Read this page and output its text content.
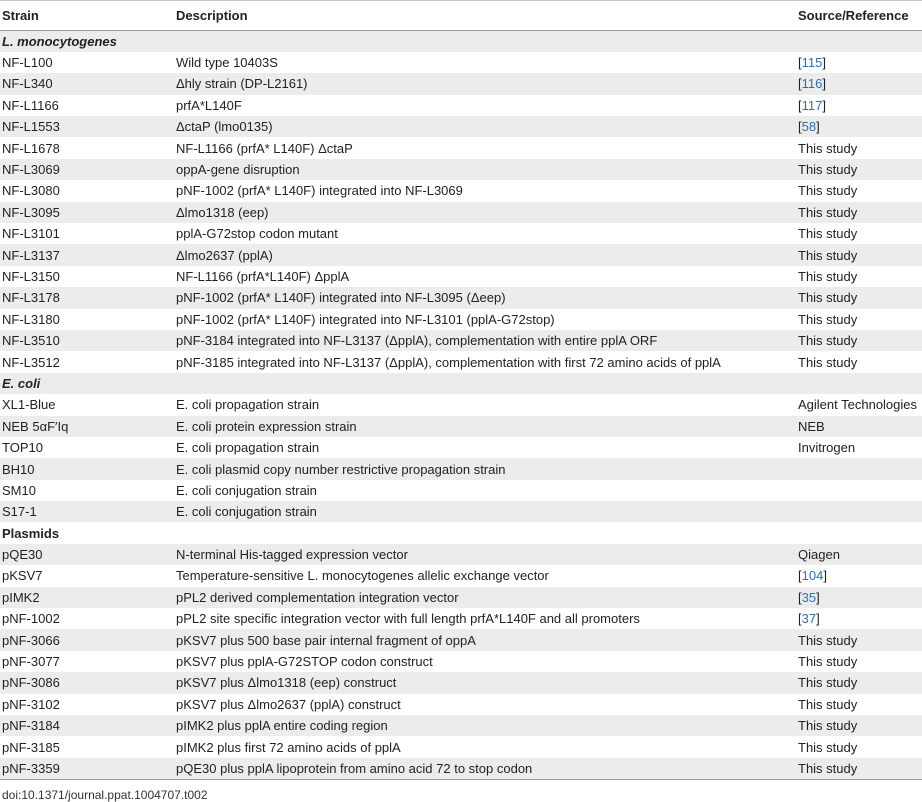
Strain	Description	Source/Reference
L. monocytogenes		
NF-L100	Wild type 10403S	[115]
NF-L340	Δhly strain (DP-L2161)	[116]
NF-L1166	prfA*L140F	[117]
NF-L1553	ΔctaP (lmo0135)	[58]
NF-L1678	NF-L1166 (prfA* L140F) ΔctaP	This study
NF-L3069	oppA-gene disruption	This study
NF-L3080	pNF-1002 (prfA* L140F) integrated into NF-L3069	This study
NF-L3095	Δlmo1318 (eep)	This study
NF-L3101	pplA-G72stop codon mutant	This study
NF-L3137	Δlmo2637 (pplA)	This study
NF-L3150	NF-L1166 (prfA*L140F) ΔpplA	This study
NF-L3178	pNF-1002 (prfA* L140F) integrated into NF-L3095 (Δeep)	This study
NF-L3180	pNF-1002 (prfA* L140F) integrated into NF-L3101 (pplA-G72stop)	This study
NF-L3510	pNF-3184 integrated into NF-L3137 (ΔpplA), complementation with entire pplA ORF	This study
NF-L3512	pNF-3185 integrated into NF-L3137 (ΔpplA), complementation with first 72 amino acids of pplA	This study
E. coli		
XL1-Blue	E. coli propagation strain	Agilent Technologies
NEB 5αF′Iq	E. coli protein expression strain	NEB
TOP10	E. coli propagation strain	Invitrogen
BH10	E. coli plasmid copy number restrictive propagation strain	
SM10	E. coli conjugation strain	
S17-1	E. coli conjugation strain	
Plasmids		
pQE30	N-terminal His-tagged expression vector	Qiagen
pKSV7	Temperature-sensitive L. monocytogenes allelic exchange vector	[104]
pIMK2	pPL2 derived complementation integration vector	[35]
pNF-1002	pPL2 site specific integration vector with full length prfA*L140F and all promoters	[37]
pNF-3066	pKSV7 plus 500 base pair internal fragment of oppA	This study
pNF-3077	pKSV7 plus pplA-G72STOP codon construct	This study
pNF-3086	pKSV7 plus Δlmo1318 (eep) construct	This study
pNF-3102	pKSV7 plus Δlmo2637 (pplA) construct	This study
pNF-3184	pIMK2 plus pplA entire coding region	This study
pNF-3185	pIMK2 plus first 72 amino acids of pplA	This study
pNF-3359	pQE30 plus pplA lipoprotein from amino acid 72 to stop codon	This study
doi:10.1371/journal.ppat.1004707.t002
